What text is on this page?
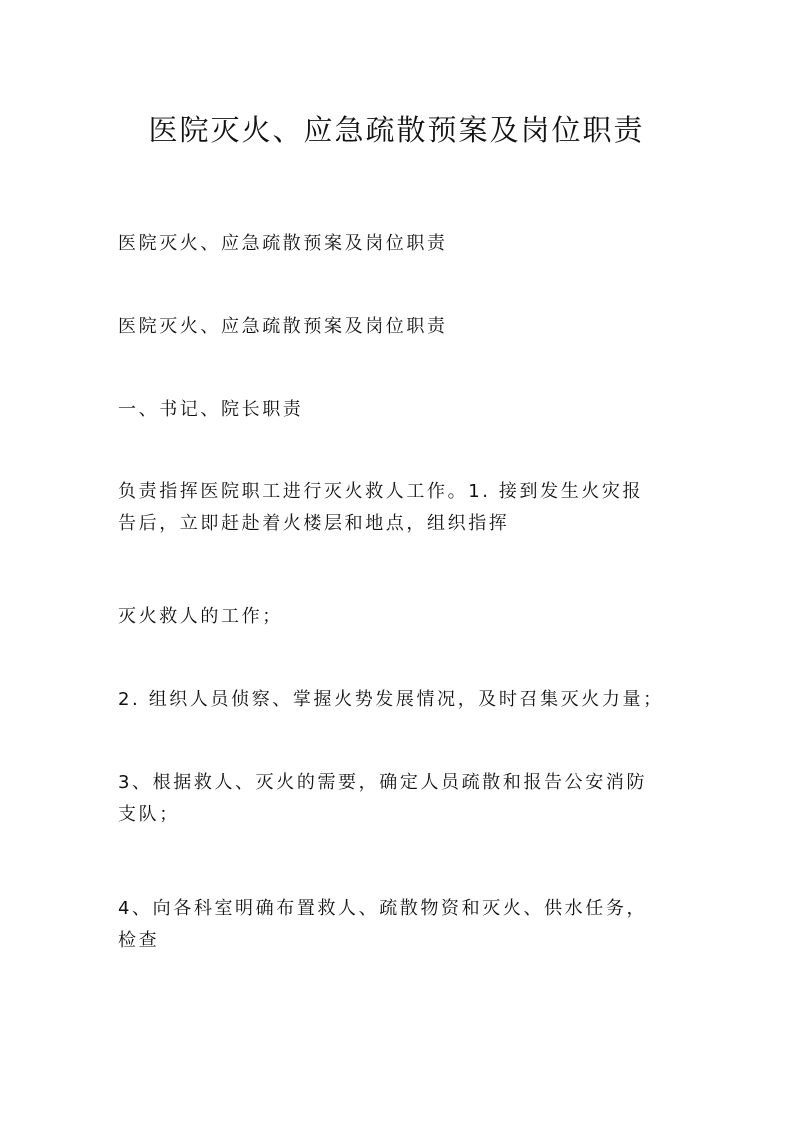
医院灭火、应急疏散预案及岗位职责

医院灭火、应急疏散预案及岗位职责

医院灭火、应急疏散预案及岗位职责

一、书记、院长职责

负责指挥医院职工进行灭火救人工作。1. 接到发生火灾报
告后，立即赶赴着火楼层和地点，组织指挥

灭火救人的工作；

2. 组织人员侦察、掌握火势发展情况，及时召集灭火力量；

3、根据救人、灭火的需要，确定人员疏散和报告公安消防
支队；

4、向各科室明确布置救人、疏散物资和灭火、供水任务，
检查
